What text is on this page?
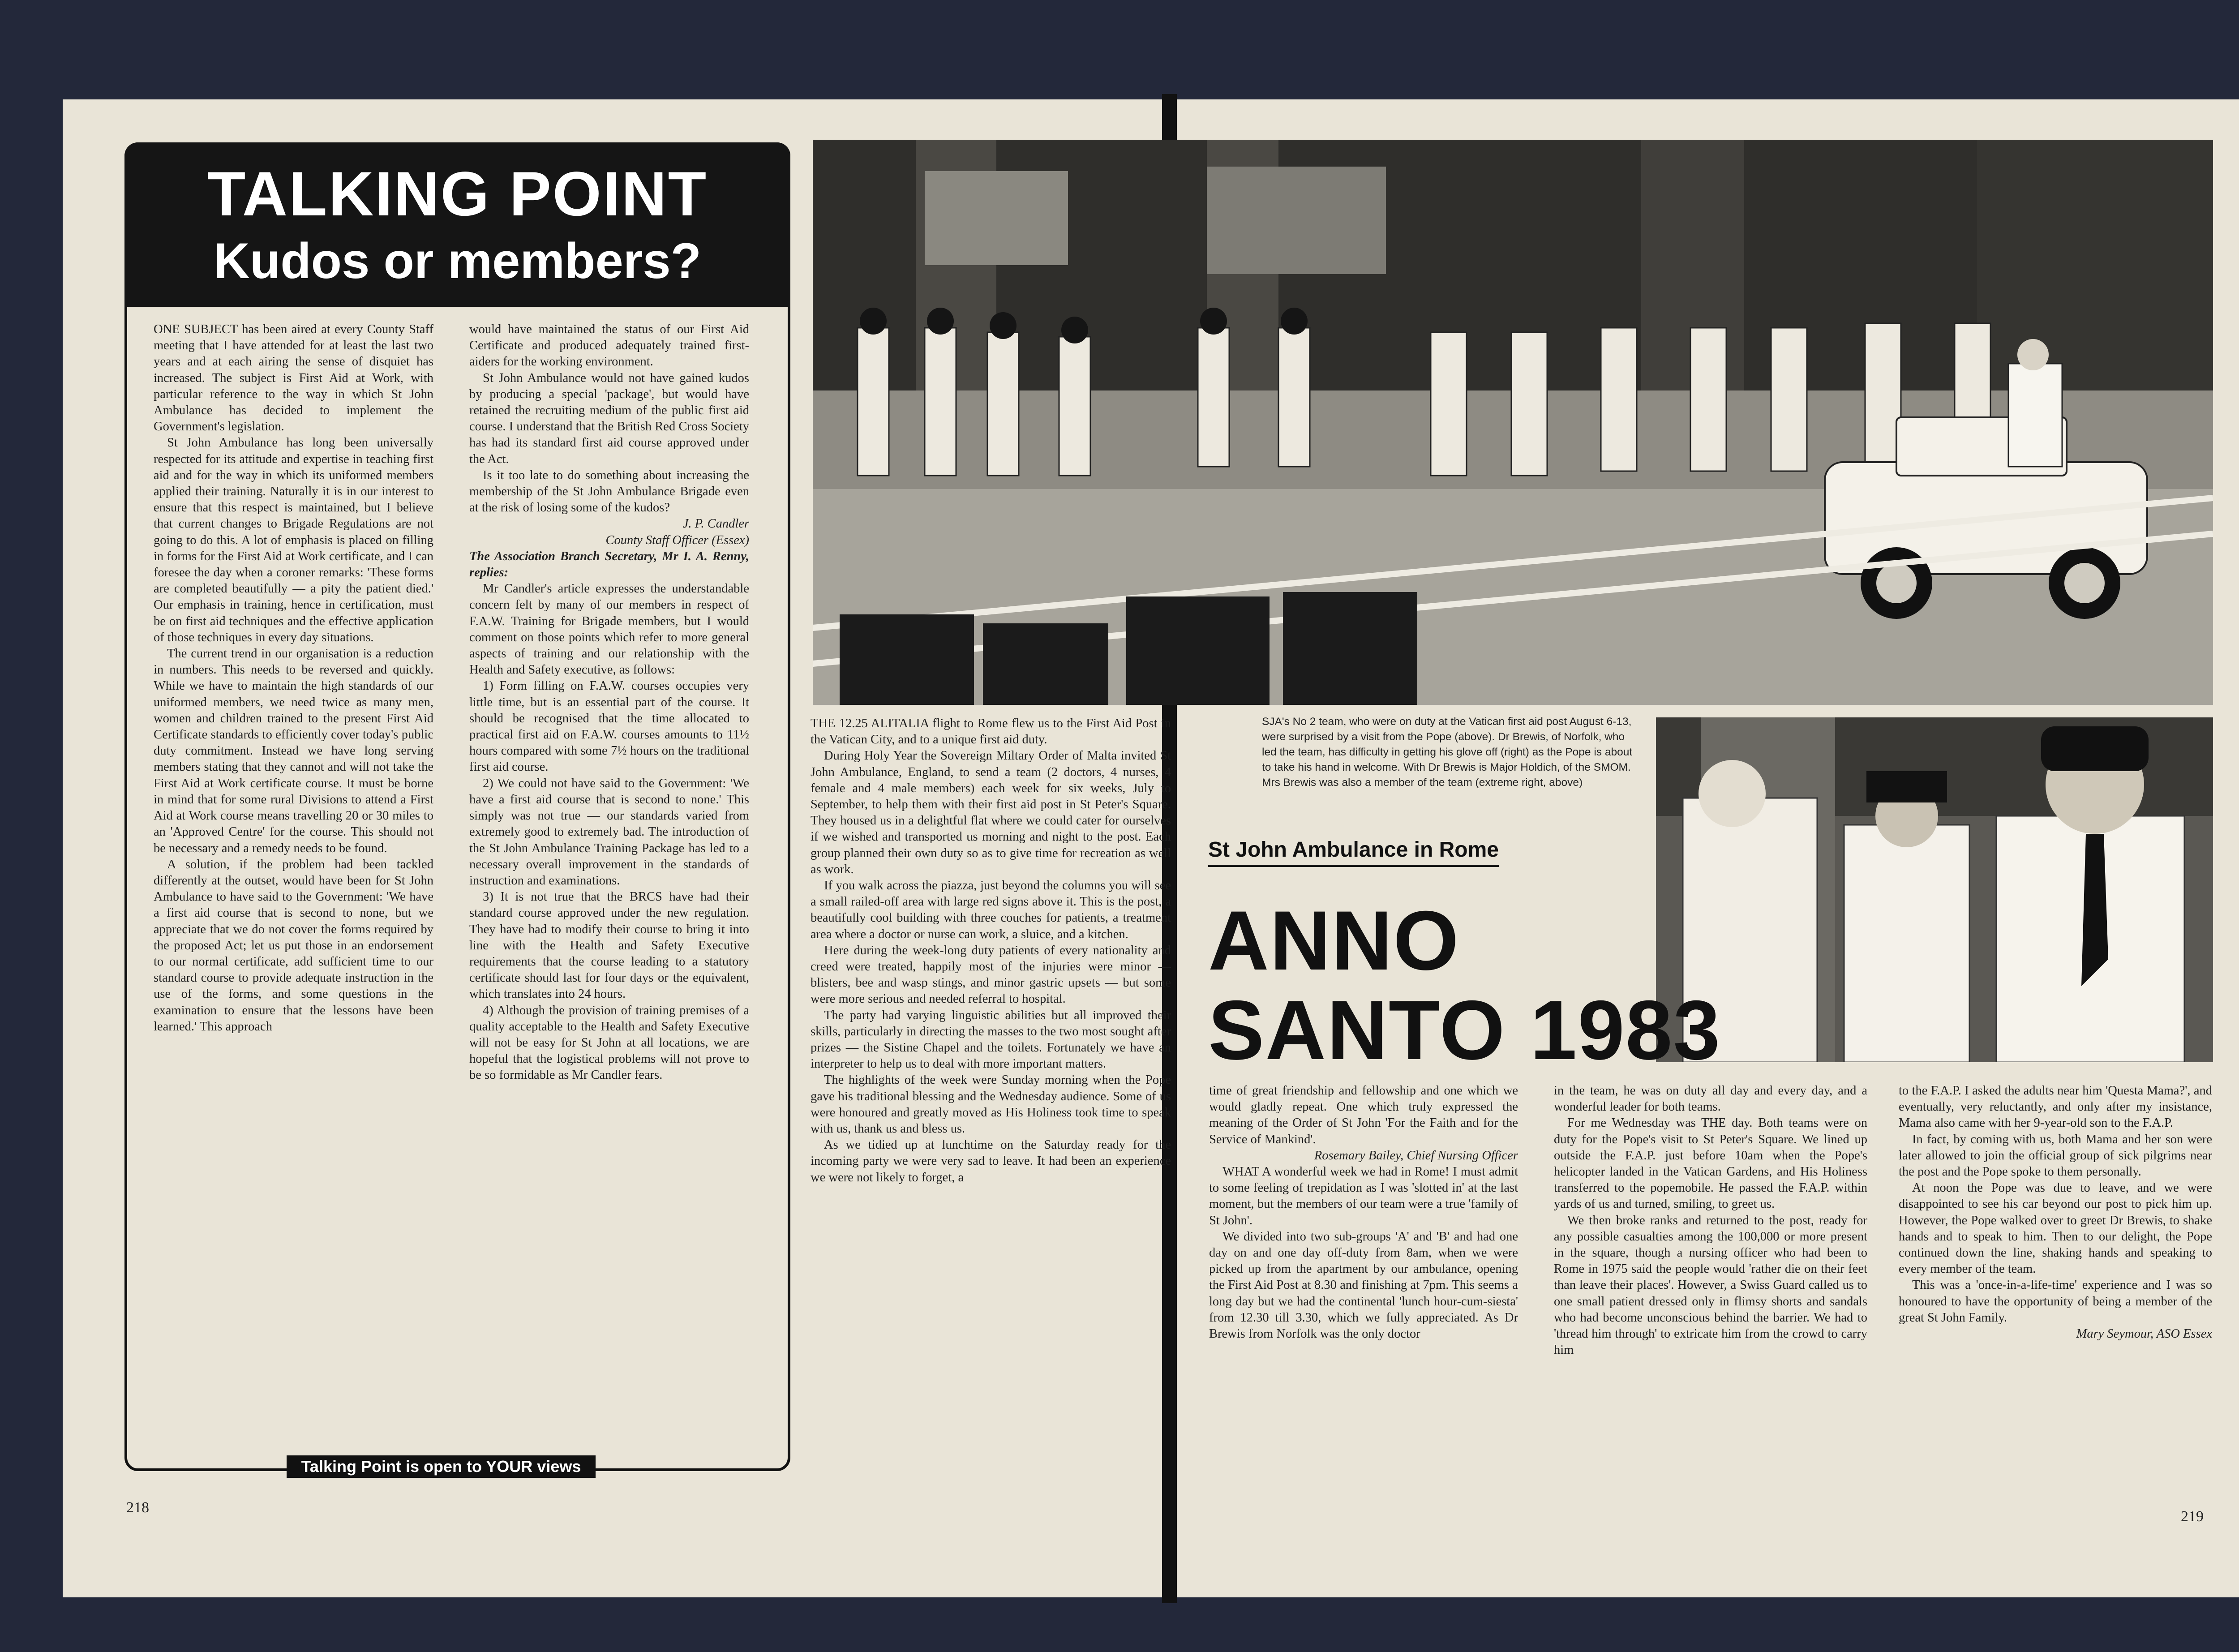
TALKING POINT
Kudos or members?

ONE SUBJECT has been aired at every County Staff meeting that I have attended for at least the last two years and at each airing the sense of disquiet has increased. The subject is First Aid at Work, with particular reference to the way in which St John Ambulance has decided to implement the Government's legislation.

St John Ambulance has long been universally respected for its attitude and expertise in teaching first aid and for the way in which its uniformed members applied their training. Naturally it is in our interest to ensure that this respect is maintained, but I believe that current changes to Brigade Regulations are not going to do this. A lot of emphasis is placed on filling in forms for the First Aid at Work certificate, and I can foresee the day when a coroner remarks: 'These forms are completed beautifully — a pity the patient died.' Our emphasis in training, hence in certification, must be on first aid techniques and the effective application of those techniques in every day situations.

The current trend in our organisation is a reduction in numbers. This needs to be reversed and quickly. While we have to maintain the high standards of our uniformed members, we need twice as many men, women and children trained to the present First Aid Certificate standards to efficiently cover today's public duty commitment. Instead we have long serving members stating that they cannot and will not take the First Aid at Work certificate course. It must be borne in mind that for some rural Divisions to attend a First Aid at Work course means travelling 20 or 30 miles to an 'Approved Centre' for the course. This should not be necessary and a remedy needs to be found.

A solution, if the problem had been tackled differently at the outset, would have been for St John Ambulance to have said to the Government: 'We have a first aid course that is second to none, but we appreciate that we do not cover the forms required by the proposed Act; let us put those in an endorsement to our normal certificate, add sufficient time to our standard course to provide adequate instruction in the use of the forms, and some questions in the examination to ensure that the lessons have been learned.' This approach

would have maintained the status of our First Aid Certificate and produced adequately trained first-aiders for the working environment.

St John Ambulance would not have gained kudos by producing a special 'package', but would have retained the recruiting medium of the public first aid course. I understand that the British Red Cross Society has had its standard first aid course approved under the Act.

Is it too late to do something about increasing the membership of the St John Ambulance Brigade even at the risk of losing some of the kudos?

J. P. Candler

County Staff Officer (Essex)

The Association Branch Secretary, Mr I. A. Renny, replies:

Mr Candler's article expresses the understandable concern felt by many of our members in respect of F.A.W. Training for Brigade members, but I would comment on those points which refer to more general aspects of training and our relationship with the Health and Safety executive, as follows:

1) Form filling on F.A.W. courses occupies very little time, but is an essential part of the course. It should be recognised that the time allocated to practical first aid on F.A.W. courses amounts to 11½ hours compared with some 7½ hours on the traditional first aid course.

2) We could not have said to the Government: 'We have a first aid course that is second to none.' This simply was not true — our standards varied from extremely good to extremely bad. The introduction of the St John Ambulance Training Package has led to a necessary overall improvement in the standards of instruction and examinations.

3) It is not true that the BRCS have had their standard course approved under the new regulation. They have had to modify their course to bring it into line with the Health and Safety Executive requirements that the course leading to a statutory certificate should last for four days or the equivalent, which translates into 24 hours.

4) Although the provision of training premises of a quality acceptable to the Health and Safety Executive will not be easy for St John at all locations, we are hopeful that the logistical problems will not prove to be so formidable as Mr Candler fears.

Talking Point is open to YOUR views
218
219
SJA's No 2 team, who were on duty at the Vatican first aid post August 6-13, were surprised by a visit from the Pope (above). Dr Brewis, of Norfolk, who led the team, has difficulty in getting his glove off (right) as the Pope is about to take his hand in welcome. With Dr Brewis is Major Holdich, of the SMOM. Mrs Brewis was also a member of the team (extreme right, above)
St John Ambulance in Rome
ANNO
SANTO 1983

THE 12.25 ALITALIA flight to Rome flew us to the First Aid Post in the Vatican City, and to a unique first aid duty.

During Holy Year the Sovereign Miltary Order of Malta invited St John Ambulance, England, to send a team (2 doctors, 4 nurses, 4 female and 4 male members) each week for six weeks, July to September, to help them with their first aid post in St Peter's Square. They housed us in a delightful flat where we could cater for ourselves if we wished and transported us morning and night to the post. Each group planned their own duty so as to give time for recreation as well as work.

If you walk across the piazza, just beyond the columns you will see a small railed-off area with large red signs above it. This is the post, a beautifully cool building with three couches for patients, a treatment area where a doctor or nurse can work, a sluice, and a kitchen.

Here during the week-long duty patients of every nationality and creed were treated, happily most of the injuries were minor — blisters, bee and wasp stings, and minor gastric upsets — but some were more serious and needed referral to hospital.

The party had varying linguistic abilities but all improved their skills, particularly in directing the masses to the two most sought after prizes — the Sistine Chapel and the toilets. Fortunately we have an interpreter to help us to deal with more important matters.

The highlights of the week were Sunday morning when the Pope gave his traditional blessing and the Wednesday audience. Some of us were honoured and greatly moved as His Holiness took time to speak with us, thank us and bless us.

As we tidied up at lunchtime on the Saturday ready for the incoming party we were very sad to leave. It had been an experience we were not likely to forget, a

time of great friendship and fellowship and one which we would gladly repeat. One which truly expressed the meaning of the Order of St John 'For the Faith and for the Service of Mankind'.

Rosemary Bailey, Chief Nursing Officer

WHAT A wonderful week we had in Rome! I must admit to some feeling of trepidation as I was 'slotted in' at the last moment, but the members of our team were a true 'family of St John'.

We divided into two sub-groups 'A' and 'B' and had one day on and one day off-duty from 8am, when we were picked up from the apartment by our ambulance, opening the First Aid Post at 8.30 and finishing at 7pm. This seems a long day but we had the continental 'lunch hour-cum-siesta' from 12.30 till 3.30, which we fully appreciated. As Dr Brewis from Norfolk was the only doctor

in the team, he was on duty all day and every day, and a wonderful leader for both teams.

For me Wednesday was THE day. Both teams were on duty for the Pope's visit to St Peter's Square. We lined up outside the F.A.P. just before 10am when the Pope's helicopter landed in the Vatican Gardens, and His Holiness transferred to the popemobile. He passed the F.A.P. within yards of us and turned, smiling, to greet us.

We then broke ranks and returned to the post, ready for any possible casualties among the 100,000 or more present in the square, though a nursing officer who had been to Rome in 1975 said the people would 'rather die on their feet than leave their places'. However, a Swiss Guard called us to one small patient dressed only in flimsy shorts and sandals who had become unconscious behind the barrier. We had to 'thread him through' to extricate him from the crowd to carry him

to the F.A.P. I asked the adults near him 'Questa Mama?', and eventually, very reluctantly, and only after my insistance, Mama also came with her 9-year-old son to the F.A.P.

In fact, by coming with us, both Mama and her son were later allowed to join the official group of sick pilgrims near the post and the Pope spoke to them personally.

At noon the Pope was due to leave, and we were disappointed to see his car beyond our post to pick him up. However, the Pope walked over to greet Dr Brewis, to shake hands and to speak to him. Then to our delight, the Pope continued down the line, shaking hands and speaking to every member of the team.

This was a 'once-in-a-life-time' experience and I was so honoured to have the opportunity of being a member of the great St John Family.

Mary Seymour, ASO Essex
